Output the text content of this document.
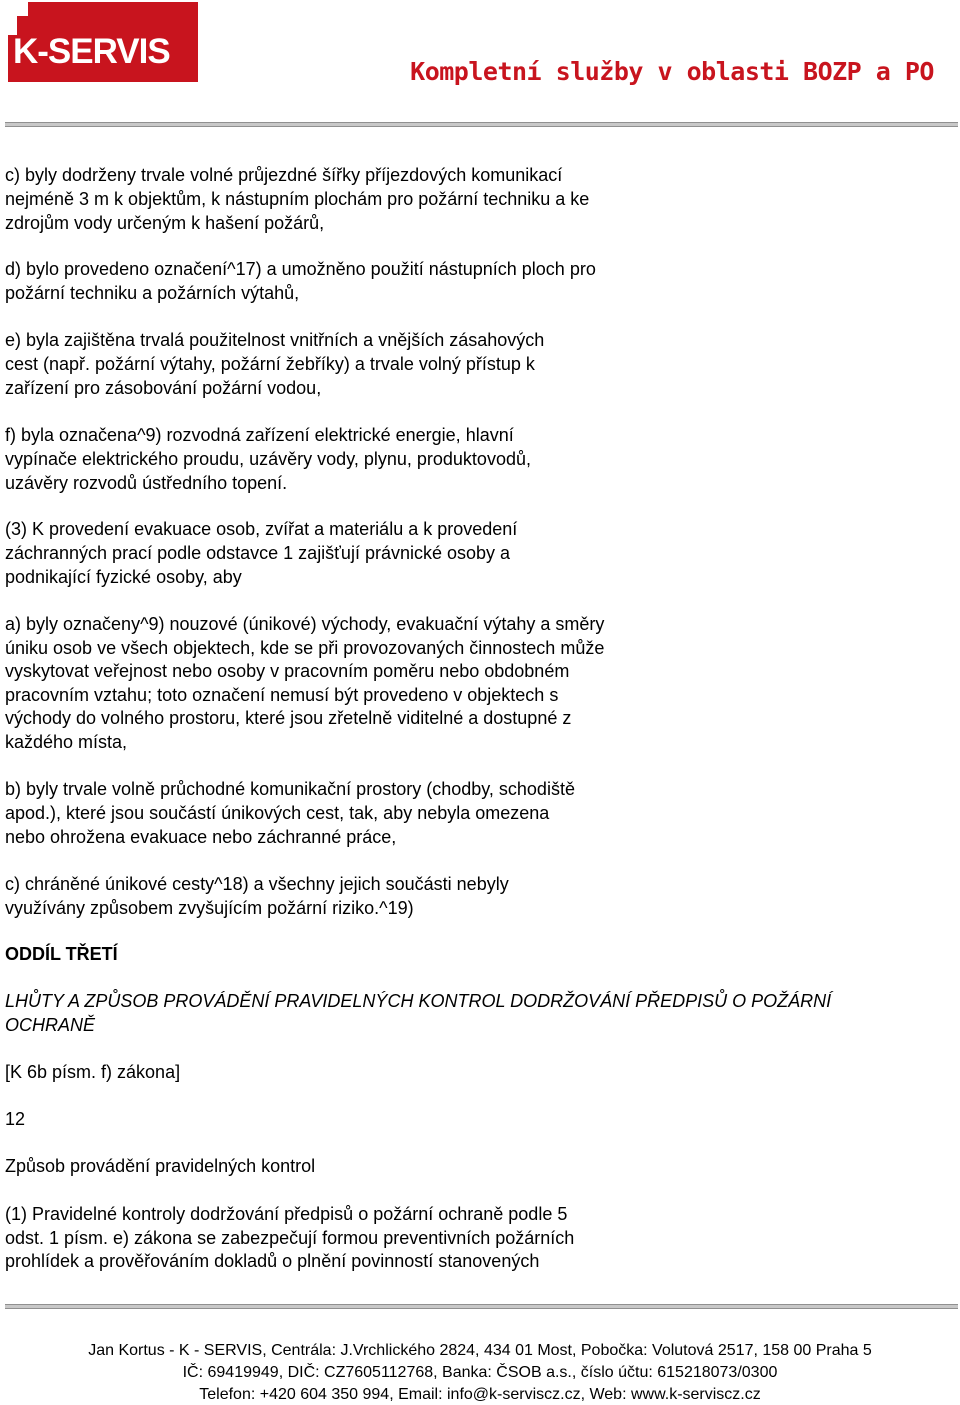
K-SERVIS

Kompletní služby v oblasti BOZP a PO

c) byly dodrženy trvale volné průjezdné šířky příjezdových komunikací

nejméně 3 m k objektům, k nástupním plochám pro požární techniku a ke

zdrojům vody určeným k hašení požárů,

d) bylo provedeno označení^17) a umožněno použití nástupních ploch pro

požární techniku a požárních výtahů,

e) byla zajištěna trvalá použitelnost vnitřních a vnějších zásahových

cest (např. požární výtahy, požární žebříky) a trvale volný přístup k

zařízení pro zásobování požární vodou,

f) byla označena^9) rozvodná zařízení elektrické energie, hlavní

vypínače elektrického proudu, uzávěry vody, plynu, produktovodů,

uzávěry rozvodů ústředního topení.

(3) K provedení evakuace osob, zvířat a materiálu a k provedení

záchranných prací podle odstavce 1 zajišťují právnické osoby a

podnikající fyzické osoby, aby

a) byly označeny^9) nouzové (únikové) východy, evakuační výtahy a směry

úniku osob ve všech objektech, kde se při provozovaných činnostech může

vyskytovat veřejnost nebo osoby v pracovním poměru nebo obdobném

pracovním vztahu; toto označení nemusí být provedeno v objektech s

východy do volného prostoru, které jsou zřetelně viditelné a dostupné z

každého místa,

b) byly trvale volně průchodné komunikační prostory (chodby, schodiště

apod.), které jsou součástí únikových cest, tak, aby nebyla omezena

nebo ohrožena evakuace nebo záchranné práce,

c) chráněné únikové cesty^18) a všechny jejich součásti nebyly

využívány způsobem zvyšujícím požární riziko.^19)

ODDÍL TŘETÍ

LHŮTY A ZPŮSOB PROVÁDĚNÍ PRAVIDELNÝCH KONTROL DODRŽOVÁNÍ PŘEDPISŮ O POŽÁRNÍ

OCHRANĚ

[K 6b písm. f) zákona]

12

Způsob provádění pravidelných kontrol

(1) Pravidelné kontroly dodržování předpisů o požární ochraně podle 5

odst. 1 písm. e) zákona se zabezpečují formou preventivních požárních

prohlídek a prověřováním dokladů o plnění povinností stanovených

Jan Kortus - K - SERVIS, Centrála: J.Vrchlického 2824, 434 01 Most, Pobočka: Volutová 2517, 158 00 Praha 5

IČ: 69419949, DIČ: CZ7605112768, Banka: ČSOB a.s., číslo účtu: 615218073/0300

Telefon: +420 604 350 994, Email: info@k-serviscz.cz, Web: www.k-serviscz.cz
